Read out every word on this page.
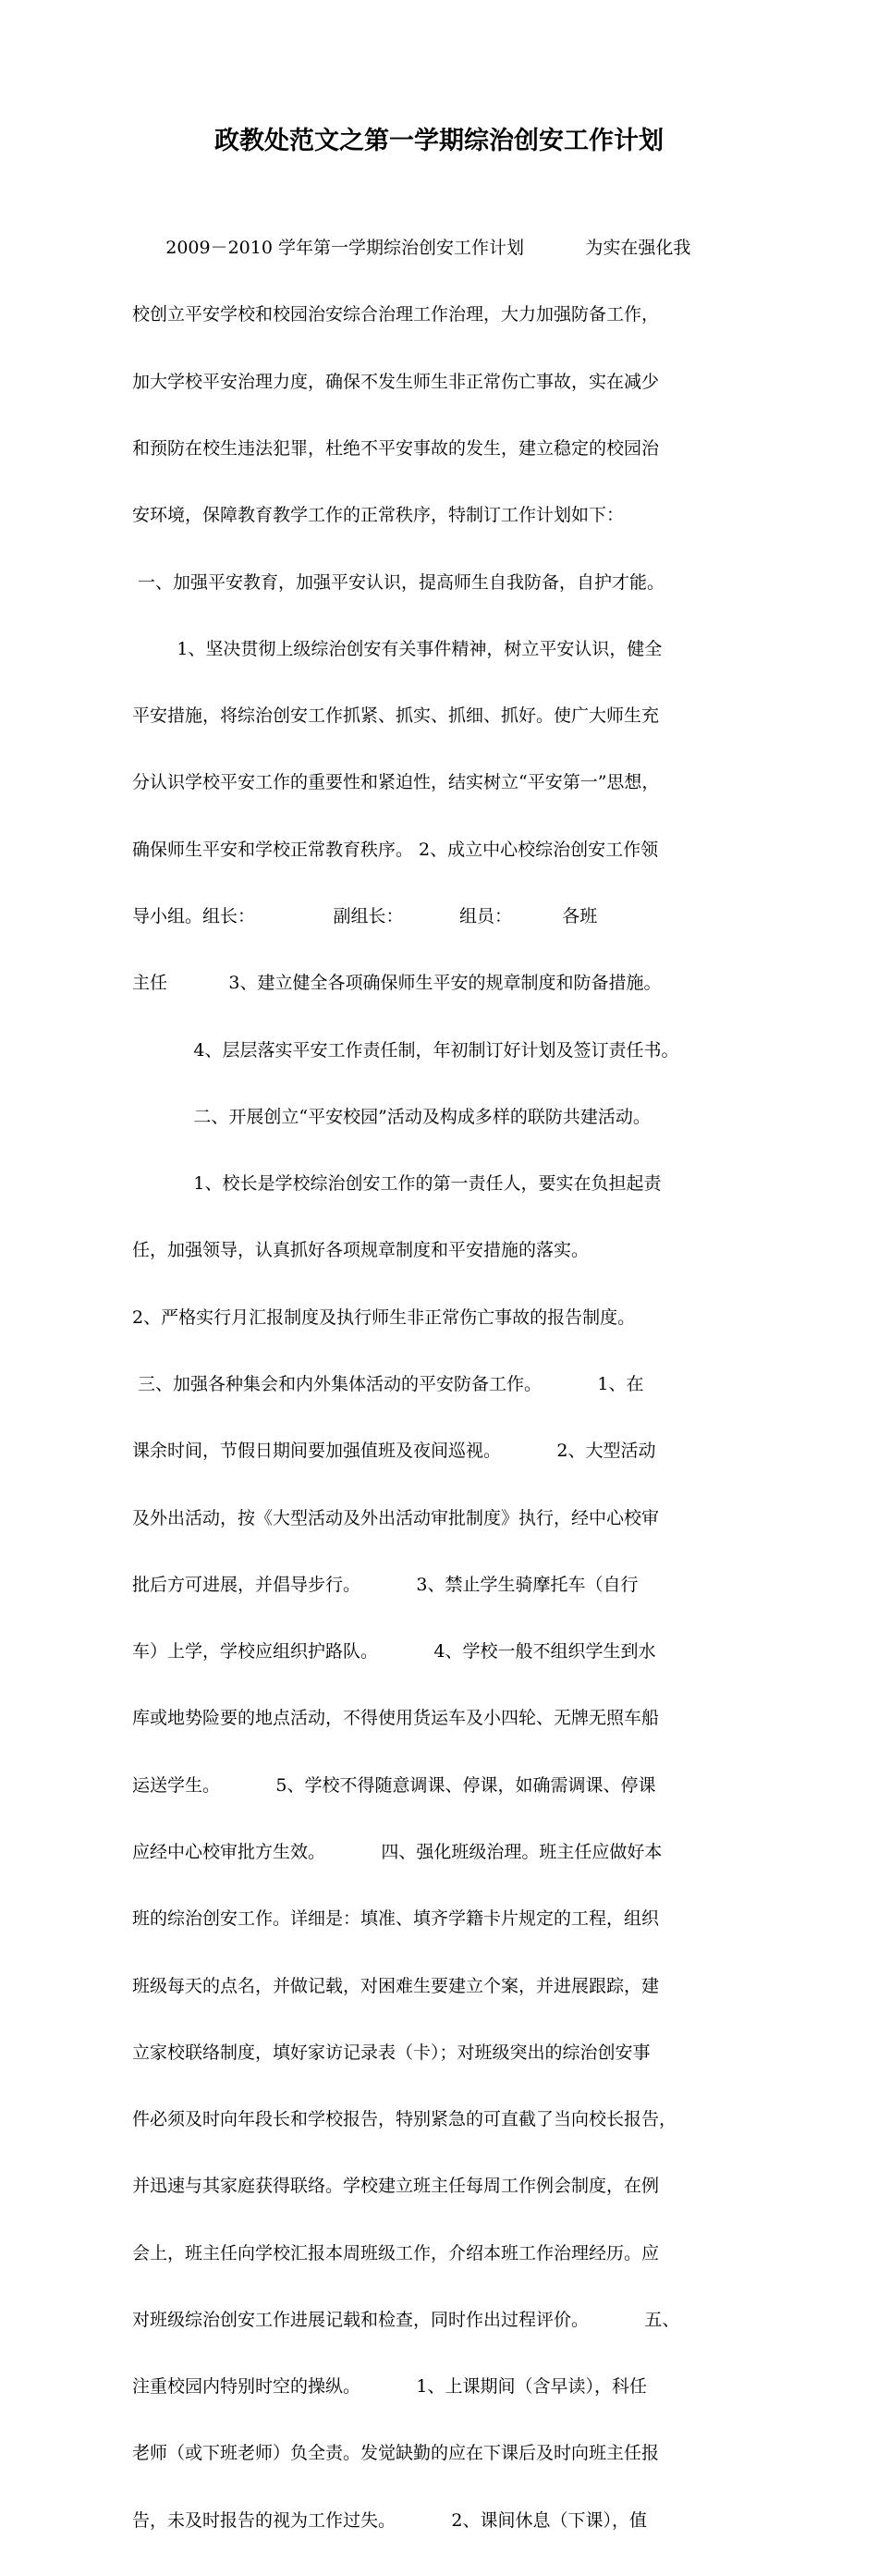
政教处范文之第一学期综治创安工作计划

2009－2010 学年第一学期综治创安工作计划           为实在强化我

校创立平安学校和校园治安综合治理工作治理，大力加强防备工作，

加大学校平安治理力度，确保不发生师生非正常伤亡事故，实在减少

和预防在校生违法犯罪，杜绝不平安事故的发生，建立稳定的校园治

安环境，保障教育教学工作的正常秩序，特制订工作计划如下：

一、加强平安教育，加强平安认识，提高师生自我防备，自护才能。

1、坚决贯彻上级综治创安有关事件精神，树立平安认识，健全

平安措施，将综治创安工作抓紧、抓实、抓细、抓好。使广大师生充

分认识学校平安工作的重要性和紧迫性，结实树立“平安第一”思想，

确保师生平安和学校正常教育秩序。 2、成立中心校综治创安工作领

导小组。组长：              副组长：          组员：         各班

主任           3、建立健全各项确保师生平安的规章制度和防备措施。

4、层层落实平安工作责任制，年初制订好计划及签订责任书。

二、开展创立“平安校园”活动及构成多样的联防共建活动。

1、校长是学校综治创安工作的第一责任人，要实在负担起责

任，加强领导，认真抓好各项规章制度和平安措施的落实。

2、严格实行月汇报制度及执行师生非正常伤亡事故的报告制度。

三、加强各种集会和内外集体活动的平安防备工作。          1、在

课余时间，节假日期间要加强值班及夜间巡视。          2、大型活动

及外出活动，按《大型活动及外出活动审批制度》执行，经中心校审

批后方可进展，并倡导步行。          3、禁止学生骑摩托车（自行

车）上学，学校应组织护路队。          4、学校一般不组织学生到水

库或地势险要的地点活动，不得使用货运车及小四轮、无牌无照车船

运送学生。          5、学校不得随意调课、停课，如确需调课、停课

应经中心校审批方生效。          四、强化班级治理。班主任应做好本

班的综治创安工作。详细是：填准、填齐学籍卡片规定的工程，组织

班级每天的点名，并做记载，对困难生要建立个案，并进展跟踪，建

立家校联络制度，填好家访记录表（卡）；对班级突出的综治创安事

件必须及时向年段长和学校报告，特别紧急的可直截了当向校长报告，

并迅速与其家庭获得联络。学校建立班主任每周工作例会制度，在例

会上，班主任向学校汇报本周班级工作，介绍本班工作治理经历。应

对班级综治创安工作进展记载和检查，同时作出过程评价。          五、

注重校园内特别时空的操纵。          1、上课期间（含早读），科任

老师（或下班老师）负全责。发觉缺勤的应在下课后及时向班主任报

告，未及时报告的视为工作过失。          2、课间休息（下课），值
